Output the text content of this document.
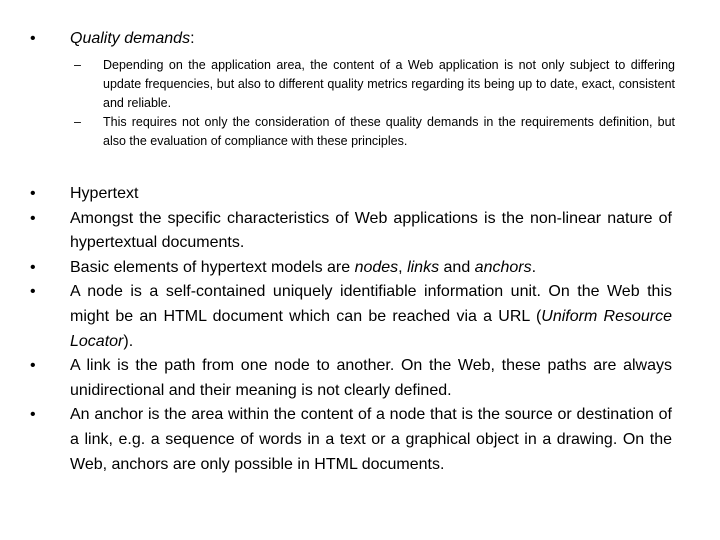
• Quality demands:
– Depending on the application area, the content of a Web application is not only subject to differing update frequencies, but also to different quality metrics regarding its being up to date, exact, consistent and reliable.
– This requires not only the consideration of these quality demands in the requirements definition, but also the evaluation of compliance with these principles.
• Hypertext
• Amongst the specific characteristics of Web applications is the non-linear nature of hypertextual documents.
• Basic elements of hypertext models are nodes, links and anchors.
• A node is a self-contained uniquely identifiable information unit. On the Web this might be an HTML document which can be reached via a URL (Uniform Resource Locator).
• A link is the path from one node to another. On the Web, these paths are always unidirectional and their meaning is not clearly defined.
• An anchor is the area within the content of a node that is the source or destination of a link, e.g. a sequence of words in a text or a graphical object in a drawing. On the Web, anchors are only possible in HTML documents.
